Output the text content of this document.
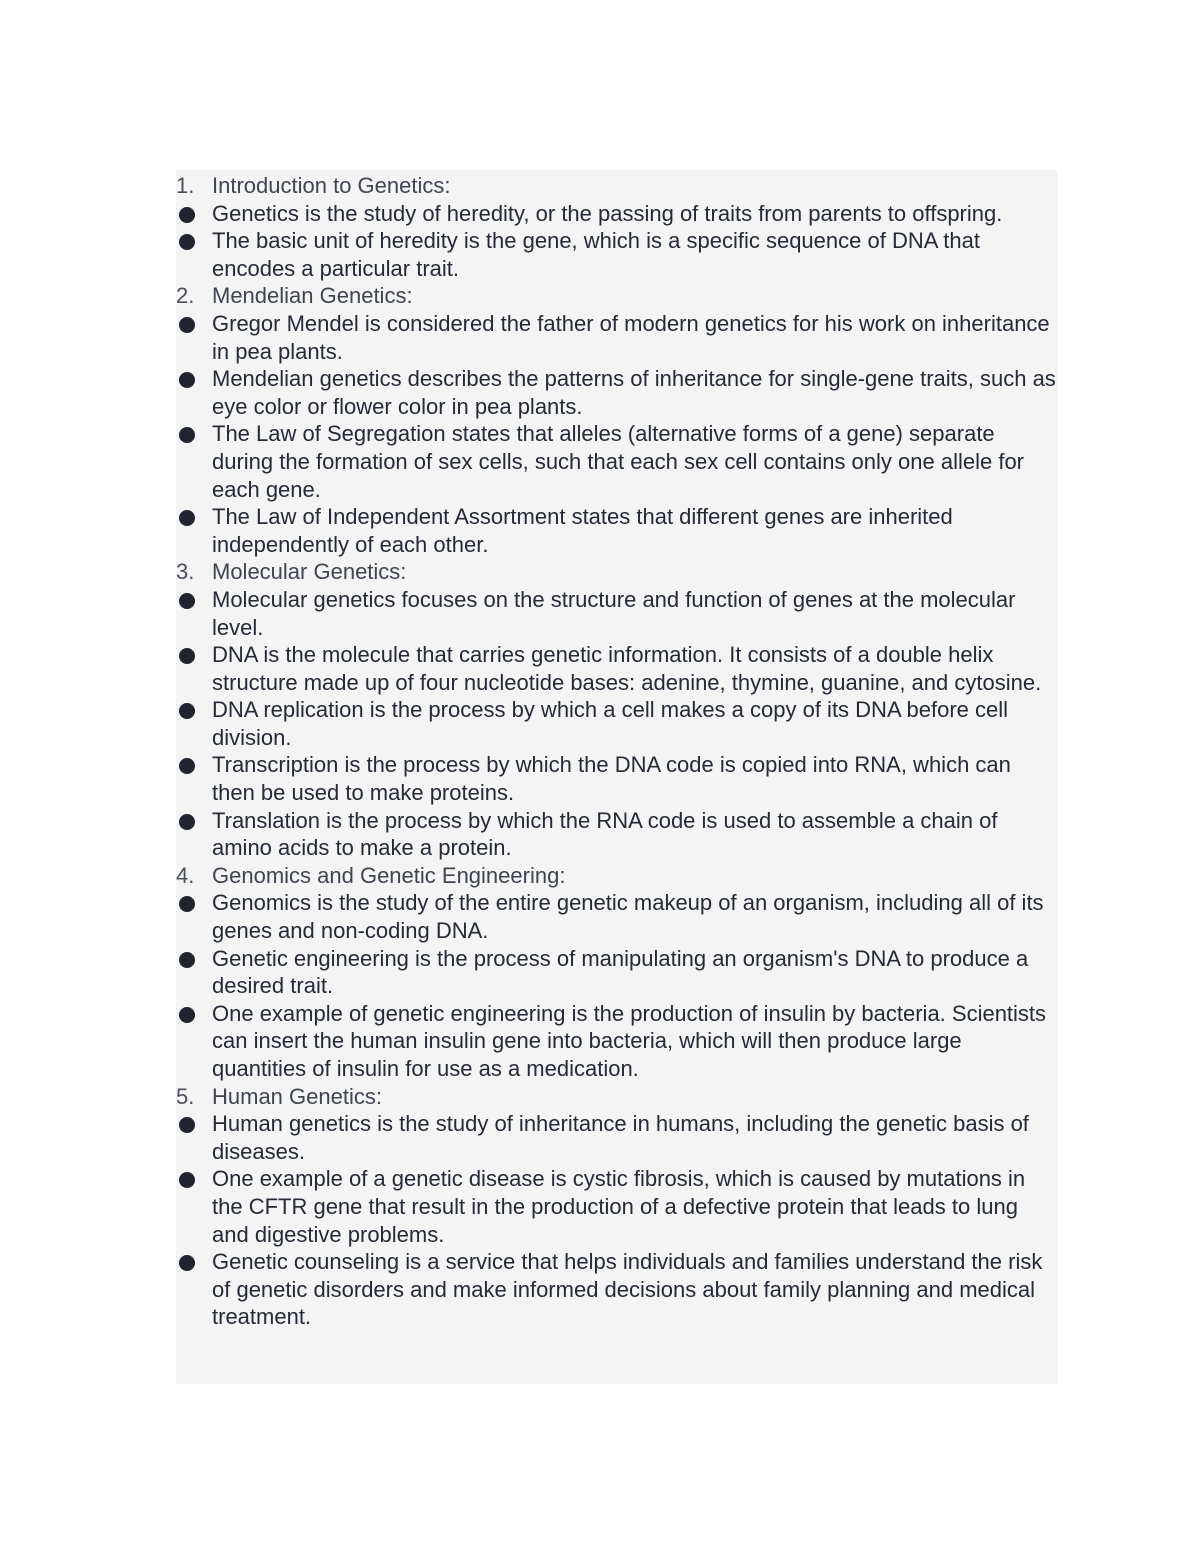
1. Introduction to Genetics:
Genetics is the study of heredity, or the passing of traits from parents to offspring.
The basic unit of heredity is the gene, which is a specific sequence of DNA that encodes a particular trait.
2. Mendelian Genetics:
Gregor Mendel is considered the father of modern genetics for his work on inheritance in pea plants.
Mendelian genetics describes the patterns of inheritance for single-gene traits, such as eye color or flower color in pea plants.
The Law of Segregation states that alleles (alternative forms of a gene) separate during the formation of sex cells, such that each sex cell contains only one allele for each gene.
The Law of Independent Assortment states that different genes are inherited independently of each other.
3. Molecular Genetics:
Molecular genetics focuses on the structure and function of genes at the molecular level.
DNA is the molecule that carries genetic information. It consists of a double helix structure made up of four nucleotide bases: adenine, thymine, guanine, and cytosine.
DNA replication is the process by which a cell makes a copy of its DNA before cell division.
Transcription is the process by which the DNA code is copied into RNA, which can then be used to make proteins.
Translation is the process by which the RNA code is used to assemble a chain of amino acids to make a protein.
4. Genomics and Genetic Engineering:
Genomics is the study of the entire genetic makeup of an organism, including all of its genes and non-coding DNA.
Genetic engineering is the process of manipulating an organism's DNA to produce a desired trait.
One example of genetic engineering is the production of insulin by bacteria. Scientists can insert the human insulin gene into bacteria, which will then produce large quantities of insulin for use as a medication.
5. Human Genetics:
Human genetics is the study of inheritance in humans, including the genetic basis of diseases.
One example of a genetic disease is cystic fibrosis, which is caused by mutations in the CFTR gene that result in the production of a defective protein that leads to lung and digestive problems.
Genetic counseling is a service that helps individuals and families understand the risk of genetic disorders and make informed decisions about family planning and medical treatment.
